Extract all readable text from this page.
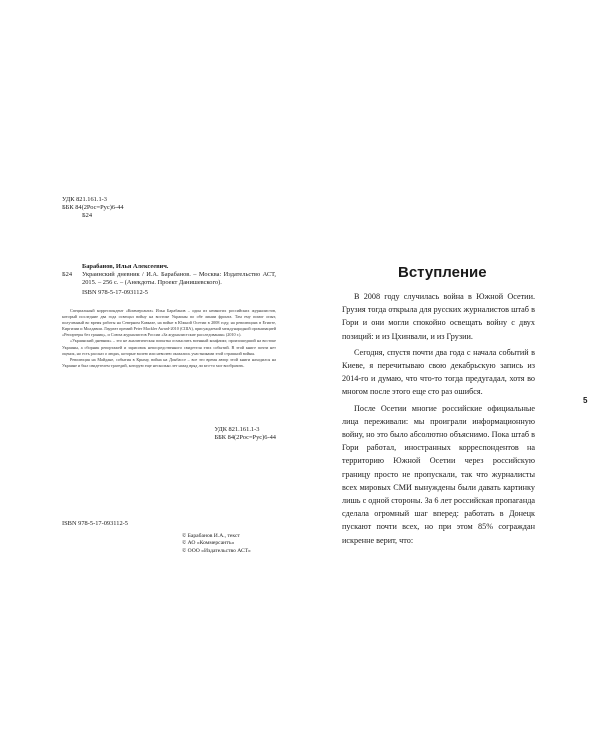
УДК 821.161.1-3
ББК 84(2Рос=Рус)6-44
Б24
Барабанов, Илья Алексеевич.
Б24	Украинский дневник / И.А. Барабанов. – Москва: Издательство АСТ, 2015. – 256 с. – (Анекдоты. Проект Данишевского).
ISBN 978-5-17-093112-5

Специальный корреспондент «Коммерсанта» Илья Барабанов – один из немногих российских журналистов, который последние два года освещал войну на востоке Украины по обе линии фронта. Там ему помог опыт, полученный во время работы на Северном Кавказе, на войне в Южной Осетии в 2008 году, на революциях в Египте, Киргизии и Молдавии. Лауреат премий Peter Mackler Award-2010 (США), присуждаемой международной организацией «Репортеры без границ», и Союза журналистов России «За журналистские расследования» (2010 г.).

«Украинский дневник» – это не аналитическая попытка осмыслить военный конфликт, произошедший на востоке Украины, а сборник репортажей и зарисовок непосредственного свидетеля этих событий. В этой книге почти нет оценок, но есть рассказ о людях, которые волею или неволею оказались участниками этой страшной войны.

Революция на Майдане, события в Крыму, война на Донбассе – все это время автор этой книги находился на Украине и был свидетелем трагедий, которую еще несколько лет назад вряд ли кто-то мог вообразить.

УДК 821.161.1-3
ББК 84(2Рос=Рус)6-44
ISBN 978-5-17-093112-5
© Барабанов И.А., текст
© АО «Коммерсантъ»
© ООО «Издательство АСТ»
Вступление

В 2008 году случилась война в Южной Осетии. Грузия тогда открыла для русских журналистов штаб в Гори и они могли спокойно освещать войну с двух позиций: и из Цхинвали, и из Грузии.

Сегодня, спустя почти два года с начала событий в Киеве, я перечитываю свою декабрьскую запись из 2014-го и думаю, что что-то тогда предугадал, хотя во многом после этого еще сто раз ошибся.

После Осетии многие российские официальные лица переживали: мы проиграли информационную войну, но это было абсолютно объяснимо. Пока штаб в Гори работал, иностранных корреспондентов на территорию Южной Осетии через российскую границу просто не пропускали, так что журналисты всех мировых СМИ вынуждены были давать картинку лишь с одной стороны. За 6 лет российская пропаганда сделала огромный шаг вперед: работать в Донецк пускают почти всех, но при этом 85% сограждан искренне верит, что:

5
